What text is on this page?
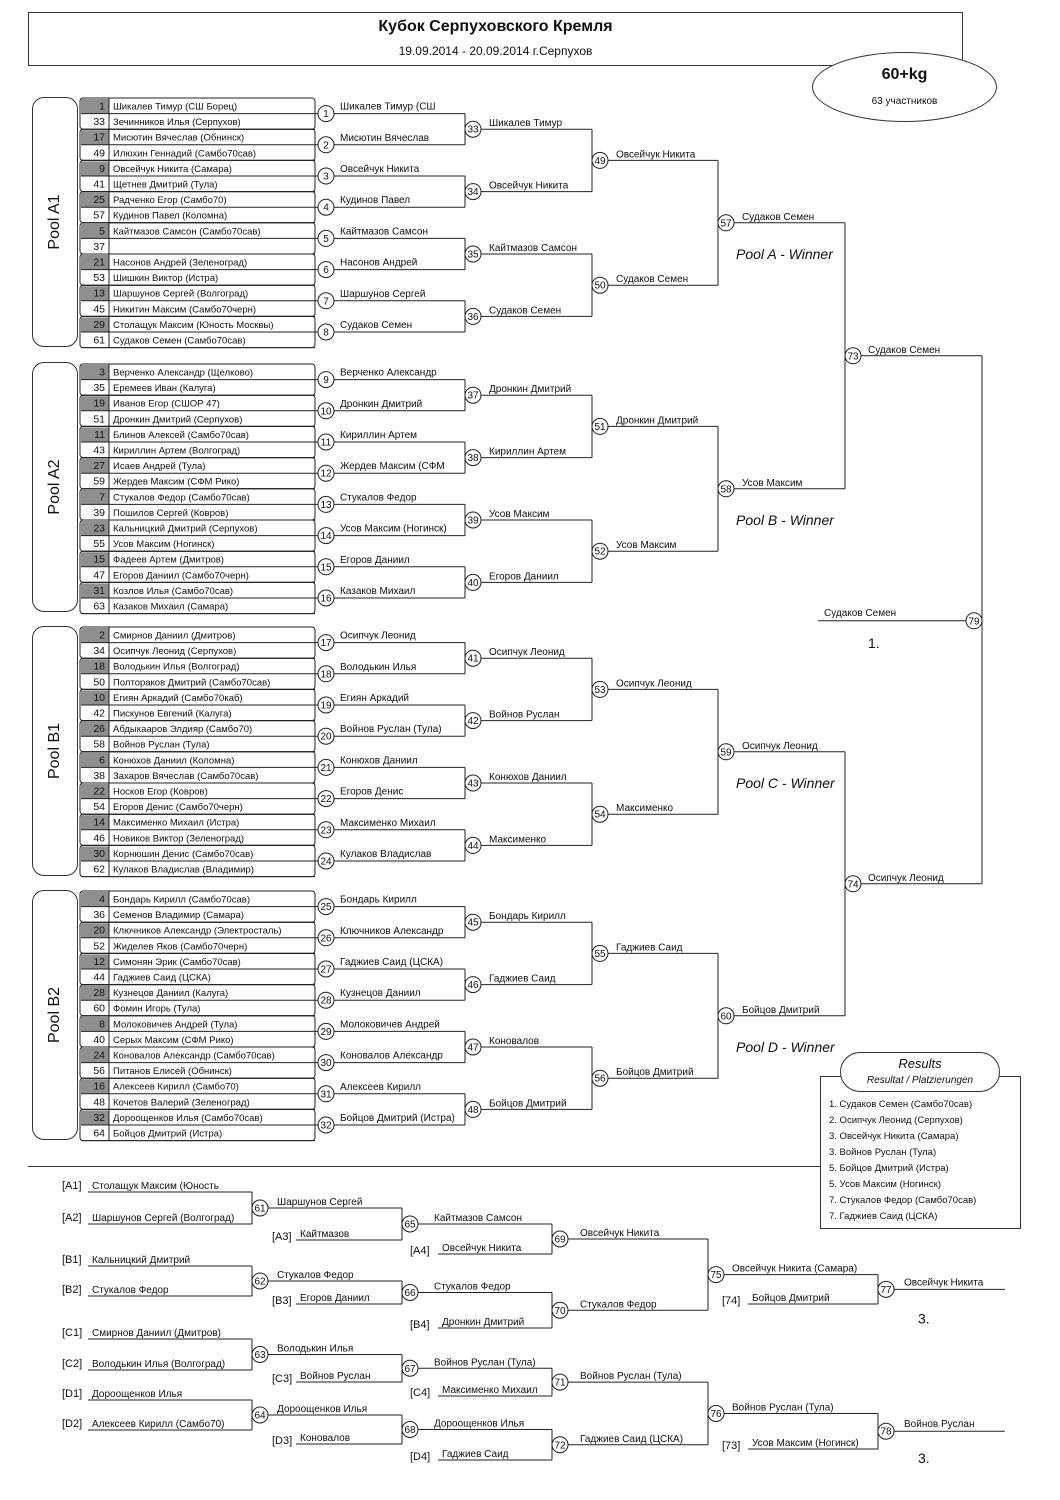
Кубок Серпуховского Кремля
19.09.2014 - 20.09.2014 г.Серпухов
60+kg
63 участников
Pool A1
Pool A2
Pool B1
Pool B2
1 Шикалев Тимур (СШ Борец)
33 Зечинников Илья (Серпухов)
17 Мисютин Вячеслав (Обнинск)
49 Илюхин Геннадий (Самбо70сав)
9 Овсейчук Никита (Самара)
41 Щетнев Дмитрий (Тула)
25 Радченко Егор (Самбо70)
57 Кудинов Павел (Коломна)
5 Кайтмазов Самсон (Самбо70сав)
37
21 Насонов Андрей (Зеленоград)
53 Шишкин Виктор (Истра)
13 Шаршунов Сергей (Волгоград)
45 Никитин Максим (Самбо70черн)
29 Столащук Максим (Юность Москвы)
61 Судаков Семен (Самбо70сав)
3 Верченко Александр (Щелково)
35 Еремеев Иван (Калуга)
19 Иванов Егор (СШОР 47)
51 Дронкин Дмитрий (Серпухов)
11 Блинов Алексей (Самбо70сав)
43 Кириллин Артем (Волгоград)
27 Исаев Андрей (Тула)
59 Жердев Максим (СФМ Рико)
7 Стукалов Федор (Самбо70сав)
39 Пошилов Сергей (Ковров)
23 Кальницкий Дмитрий (Серпухов)
55 Усов Максим (Ногинск)
15 Фадеев Артем (Дмитров)
47 Егоров Даниил (Самбо70черн)
31 Козлов Илья (Самбо70сав)
63 Казаков Михаил (Самара)
2 Смирнов Даниил (Дмитров)
34 Осипчук Леонид (Серпухов)
18 Володькин Илья (Волгоград)
50 Полтораков Дмитрий (Самбо70сав)
10 Егиян Аркадий (Самбо70каб)
42 Пискунов Евгений (Калуга)
26 Абдыкааров Элдияр (Самбо70)
58 Войнов Руслан (Тула)
6 Конюхов Даниил (Коломна)
38 Захаров Вячеслав (Самбо70сав)
22 Носков Егор (Ковров)
54 Егоров Денис (Самбо70черн)
14 Максименко Михаил (Истра)
46 Новиков Виктор (Зеленоград)
30 Корнюшин Денис (Самбо70сав)
62 Кулаков Владислав (Владимир)
4 Бондарь Кирилл (Самбо70сав)
36 Семенов Владимир (Самара)
20 Ключников Александр (Электросталь)
52 Жиделев Яков (Самбо70черн)
12 Симонян Эрик (Самбо70сав)
44 Гаджиев Саид (ЦСКА)
28 Кузнецов Даниил (Калуга)
60 Фомин Игорь (Тула)
8 Молоковичев Андрей (Тула)
40 Серых Максим (СФМ Рико)
24 Коновалов Александр (Самбо70сав)
56 Питанов Елисей (Обнинск)
16 Алексеев Кирилл (Самбо70)
48 Кочетов Валерий (Зеленоград)
32 Дороощенков Илья (Самбо70сав)
64 Бойцов Дмитрий (Истра)
1
Шикалев Тимур (СШ
2
Мисютин Вячеслав
3
Овсейчук Никита
4
Кудинов Павел
5
Кайтмазов Самсон
6
Насонов Андрей
7
Шаршунов Сергей
8
Судаков Семен
9
Верченко Александр
10
Дронкин Дмитрий
11
Кириллин Артем
12
Жердев Максим (СФМ
13
Стукалов Федор
14
Усов Максим (Ногинск)
15
Егоров Даниил
16
Казаков Михаил
17
Осипчук Леонид
18
Володькин Илья
19
Егиян Аркадий
20
Войнов Руслан (Тула)
21
Конюхов Даниил
22
Егоров Денис
23
Максименко Михаил
24
Кулаков Владислав
25
Бондарь Кирилл
26
Ключников Александр
27
Гаджиев Саид (ЦСКА)
28
Кузнецов Даниил
29
Молоковичев Андрей
30
Коновалов Александр
31
Алексеев Кирилл
32
Бойцов Дмитрий (Истра)
33
Шикалев Тимур
34
Овсейчук Никита
35
Кайтмазов Самсон
36
Судаков Семен
37
Дронкин Дмитрий
38
Кириллин Артем
39
Усов Максим
40
Егоров Даниил
41
Осипчук Леонид
42
Войнов Руслан
43
Конюхов Даниил
44
Максименко
45
Бондарь Кирилл
46
Гаджиев Саид
47
Коновалов
48
Бойцов Дмитрий
49
Овсейчук Никита
50
Судаков Семен
51
Дронкин Дмитрий
52
Усов Максим
53
Осипчук Леонид
54
Максименко
55
Гаджиев Саид
56
Бойцов Дмитрий
57
Судаков Семен
58
Усов Максим
59
Осипчук Леонид
60
Бойцов Дмитрий
Pool A - Winner
Pool B - Winner
Pool C - Winner
Pool D - Winner
73
Судаков Семен
74
Осипчук Леонид
79
Судаков Семен
1.
[A1] Столащук Максим (Юность
[A2] Шаршунов Сергей (Волгоград)
[B1] Кальницкий Дмитрий
[B2] Стукалов Федор
61
Шаршунов Сергей
62
Стукалов Федор
[A3] Кайтмазов
65
Кайтмазов Самсон
[B3] Егоров Даниил	66
Стукалов Федор
[A4] Овсейчук Никита
69
Овсейчук Никита
[B4] Дронкин Дмитрий
70
Стукалов Федор
75
Овсейчук Никита (Самара)
[74] Бойцов Дмитрий
77
Овсейчук Никита
3.
[C1] Смирнов Даниил (Дмитров)
[C2] Володькин Илья (Волгоград)
[D1] Дороощенков Илья
[D2] Алексеев Кирилл (Самбо70)
63
Володькин Илья
64
Дороощенков Илья
[C3] Войнов Руслан
67
Войнов Руслан (Тула)
[D3] Коновалов
68
Дороощенков Илья
[C4] Максименко Михаил
71
Войнов Руслан (Тула)
[D4] Гаджиев Саид
72
Гаджиев Саид (ЦСКА)
76
Войнов Руслан (Тула)
[73] Усов Максим (Ногинск)
78
Войнов Руслан
3.
1. Судаков Семен (Самбо70сав)
2. Осипчук Леонид (Серпухов)
3. Овсейчук Никита (Самара)
3. Войнов Руслан (Тула)
5. Бойцов Дмитрий (Истра)
5. Усов Максим (Ногинск)
7. Стукалов Федор (Самбо70сав)
7. Гаджиев Саид (ЦСКА)
Results
Resultat / Platzierungen
